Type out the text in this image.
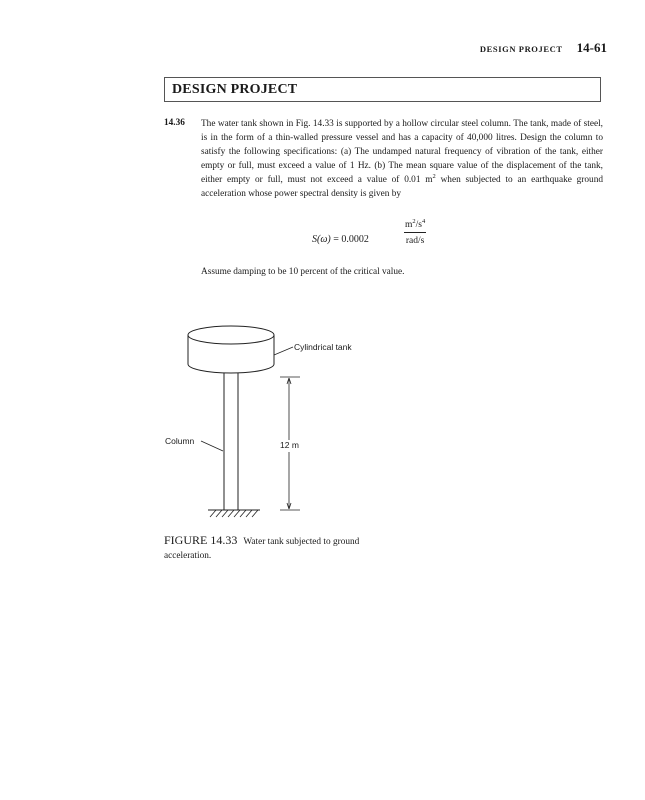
DESIGN PROJECT 14-61
DESIGN PROJECT
14.36 The water tank shown in Fig. 14.33 is supported by a hollow circular steel column. The tank, made of steel, is in the form of a thin-walled pressure vessel and has a capacity of 40,000 litres. Design the column to satisfy the following specifications: (a) The undamped natural frequency of vibration of the tank, either empty or full, must exceed a value of 1 Hz. (b) The mean square value of the displacement of the tank, either empty or full, must not exceed a value of 0.01 $m^2$ when subjected to an earthquake ground acceleration whose power spectral density is given by
S(ω) = 0.0002
$m^2/s^4$
rad/s
Assume damping to be 10 percent of the critical value.
Cylindrical tank
Column	12 m
FIGURE 14.33 Water tank subjected to ground acceleration.
